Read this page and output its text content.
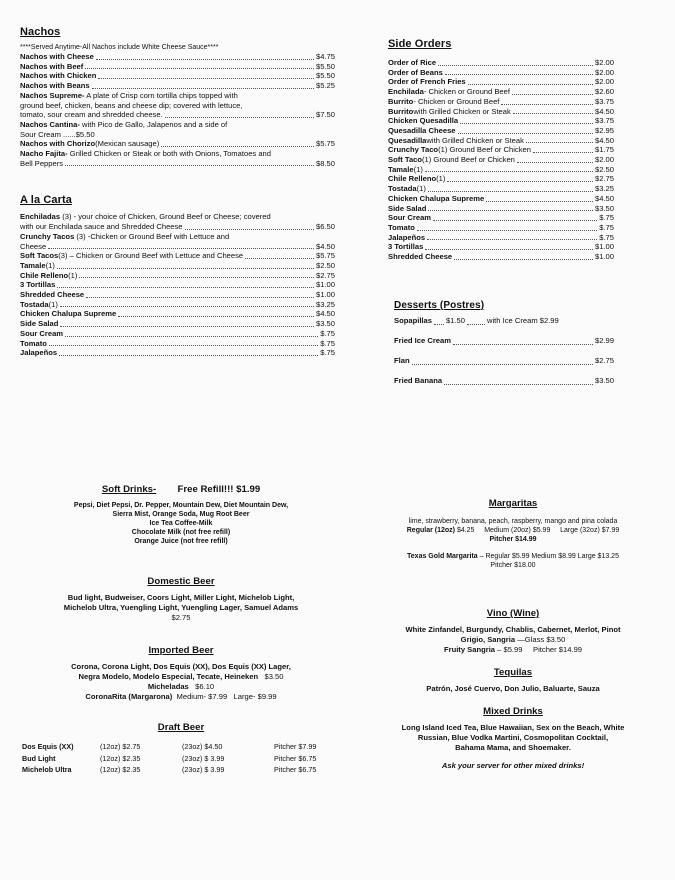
Nachos
****Served Anytime-All Nachos include White Cheese Sauce****
Nachos with Cheese	$4.75
Nachos with Beef	$5.50
Nachos with Chicken	$5.50
Nachos with Beans	$5.25
Nachos Supreme- A plate of Crisp corn tortilla chips topped with
ground beef, chicken, beans and cheese dip; covered with lettuce,
tomato, sour cream and shredded cheese.	$7.50
Nachos Cantina- with Pico de Gallo, Jalapenos and a side of
Sour Cream ......$5.50
Nachos with Chorizo (Mexican sausage)	$5.75
Nacho Fajita- Grilled Chicken or Steak or both with Onions, Tomatoes and
Bell Peppers	$8.50
A la Carta
Enchiladas (3) - your choice of Chicken, Ground Beef or Cheese; covered
with our Enchilada sauce and Shredded Cheese	$6.50
Crunchy Tacos (3) -Chicken or Ground Beef with Lettuce and
Cheese	$4.50
Soft Tacos (3) – Chicken or Ground Beef with Lettuce and Cheese	$5.75
Tamale (1)	$2.50
Chile Relleno (1)	$2.75
3 Tortillas	$1.00
Shredded Cheese	$1.00
Tostada (1)	$3.25
Chicken Chalupa Supreme	$4.50
Side Salad	$3.50
Sour Cream	$.75
Tomato	$.75
Jalapeños	$.75
Side Orders
Order of Rice	$2.00
Order of Beans	$2.00
Order of French Fries	$2.00
Enchilada - Chicken or Ground Beef	$2.60
Burrito - Chicken or Ground Beef	$3.75
Burrito with Grilled Chicken or Steak	$4.50
Chicken Quesadilla	$3.75
Quesadilla Cheese	$2.95
Quesadilla with Grilled Chicken or Steak	$4.50
Crunchy Taco (1) Ground Beef or Chicken	$1.75
Soft Taco (1) Ground Beef or Chicken	$2.00
Tamale (1)	$2.50
Chile Relleno (1)	$2.75
Tostada (1)	$3.25
Chicken Chalupa Supreme	$4.50
Side Salad	$3.50
Sour Cream	$.75
Tomato	$.75
Jalapeños	$.75
3 Tortillas	$1.00
Shredded Cheese	$1.00
Desserts (Postres)
Sopapillas $1.50	with Ice Cream $2.99
Fried Ice Cream	$2.99
Flan	$2.75
Fried Banana	$3.50
Soft Drinks- Free Refill!!! $1.99
Pepsi, Diet Pepsi, Dr. Pepper, Mountain Dew, Diet Mountain Dew,
Sierra Mist, Orange Soda, Mug Root Beer
Ice Tea Coffee-Milk
Chocolate Milk (not free refill)
Orange Juice (not free refill)
Domestic Beer
Bud light, Budweiser, Coors Light, Miller Light, Michelob Light,
Michelob Ultra, Yuengling Light, Yuengling Lager, Samuel Adams
$2.75
Imported Beer
Corona, Corona Light, Dos Equis (XX), Dos Equis (XX) Lager,
Negra Modelo, Modelo Especial, Tecate, Heineken $3.50
Micheladas $6.10
CoronaRita (Margarona) Medium- $7.99 Large- $9.99
Draft Beer
Dos Equis (XX)	(12oz) $2.75	(23oz) $4.50	Pitcher $7.99
Bud Light	(12oz) $2.35	(23oz) $ 3.99	Pitcher $6.75
Michelob Ultra	(12oz) $2.35	(23oz) $ 3.99	Pitcher $6.75
Margaritas
lime, strawberry, banana, peach, raspberry, mango and pina colada
Regular (12oz) $4.25 Medium (20oz) $5.99 Large (32oz) $7.99
Pitcher $14.99
Texas Gold Margarita – Regular $5.99 Medium $8.99 Large $13.25
Pitcher $18.00
Vino (Wine)
White Zinfandel, Burgundy, Chablis, Cabernet, Merlot, Pinot
Grigio, Sangria —Glass $3.50
Fruity Sangria – $5.99 Pitcher $14.99
Tequilas
Patrón, José Cuervo, Don Julio, Baluarte, Sauza
Mixed Drinks
Long Island Iced Tea, Blue Hawaiian, Sex on the Beach, White
Russian, Blue Vodka Martini, Cosmopolitan Cocktail,
Bahama Mama, and Shoemaker.
Ask your server for other mixed drinks!
